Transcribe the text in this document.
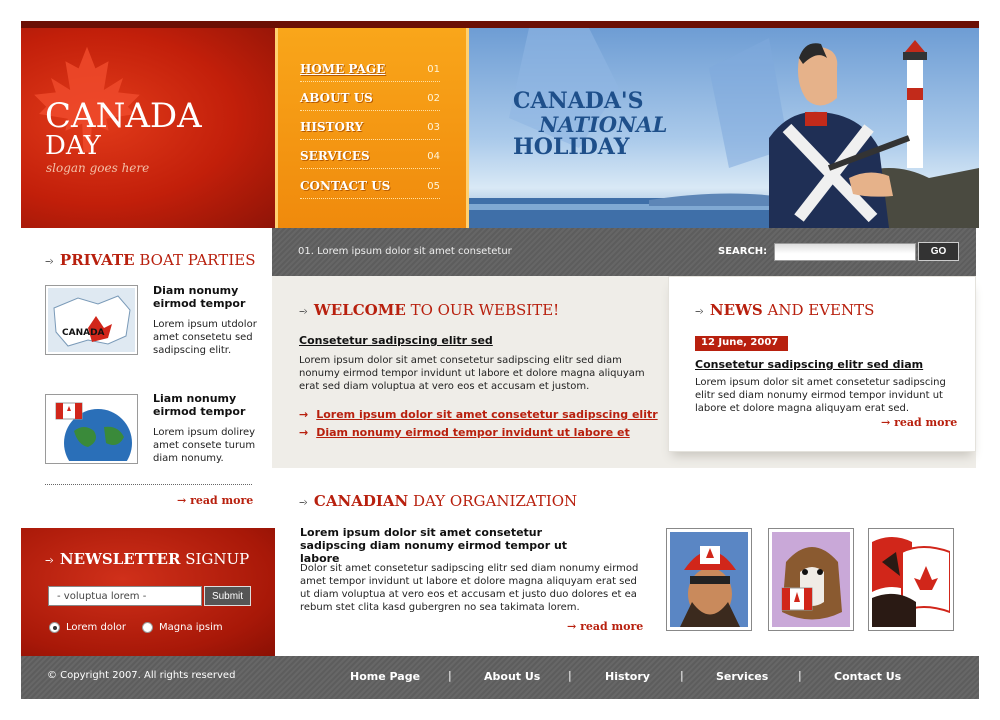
CANADA
DAY
slogan goes here
HOME PAGE	01
ABOUT US	02
HISTORY	03
SERVICES	04
CONTACT US	05
CANADA'S
NATIONAL
HOLIDAY
--› PRIVATE BOAT PARTIES
CANADA
Diam nonumy eirmod tempor
Lorem ipsum utdolor amet consetetu sed sadipscing elitr.
Liam nonumy eirmod tempor
Lorem ipsum dolirey amet consete turum diam nonumy.
→ read more
--› NEWSLETTER SIGNUP
- voluptua lorem -
Submit
Lorem dolor	Magna ipsim
01. Lorem ipsum dolor sit amet consetetur	SEARCH:	GO
--› WELCOME TO OUR WEBSITE!
Consetetur sadipscing elitr sed
Lorem ipsum dolor sit amet consetetur sadipscing elitr sed diam nonumy eirmod tempor invidunt ut labore et dolore magna aliquyam erat sed diam voluptua at vero eos et accusam et justom.
→ Lorem ipsum dolor sit amet consetetur sadipscing elitr
→ Diam nonumy eirmod tempor invidunt ut labore et
--› NEWS AND EVENTS
12 June, 2007
Consetetur sadipscing elitr sed diam
Lorem ipsum dolor sit amet consetetur sadipscing elitr sed diam nonumy eirmod tempor invidunt ut labore et dolore magna aliquyam erat sed.
→ read more
--› CANADIAN DAY ORGANIZATION
Lorem ipsum dolor sit amet consetetur sadipscing diam nonumy eirmod tempor ut labore
Dolor sit amet consetetur sadipscing elitr sed diam nonumy eirmod amet tempor invidunt ut labore et dolore magna aliquyam erat sed ut diam voluptua at vero eos et accusam et justo duo dolores et ea rebum stet clita kasd gubergren no sea takimata lorem.
→ read more
© Copyright 2007. All rights reserved	Home Page	|	About Us	|	History	|	Services	|	Contact Us
